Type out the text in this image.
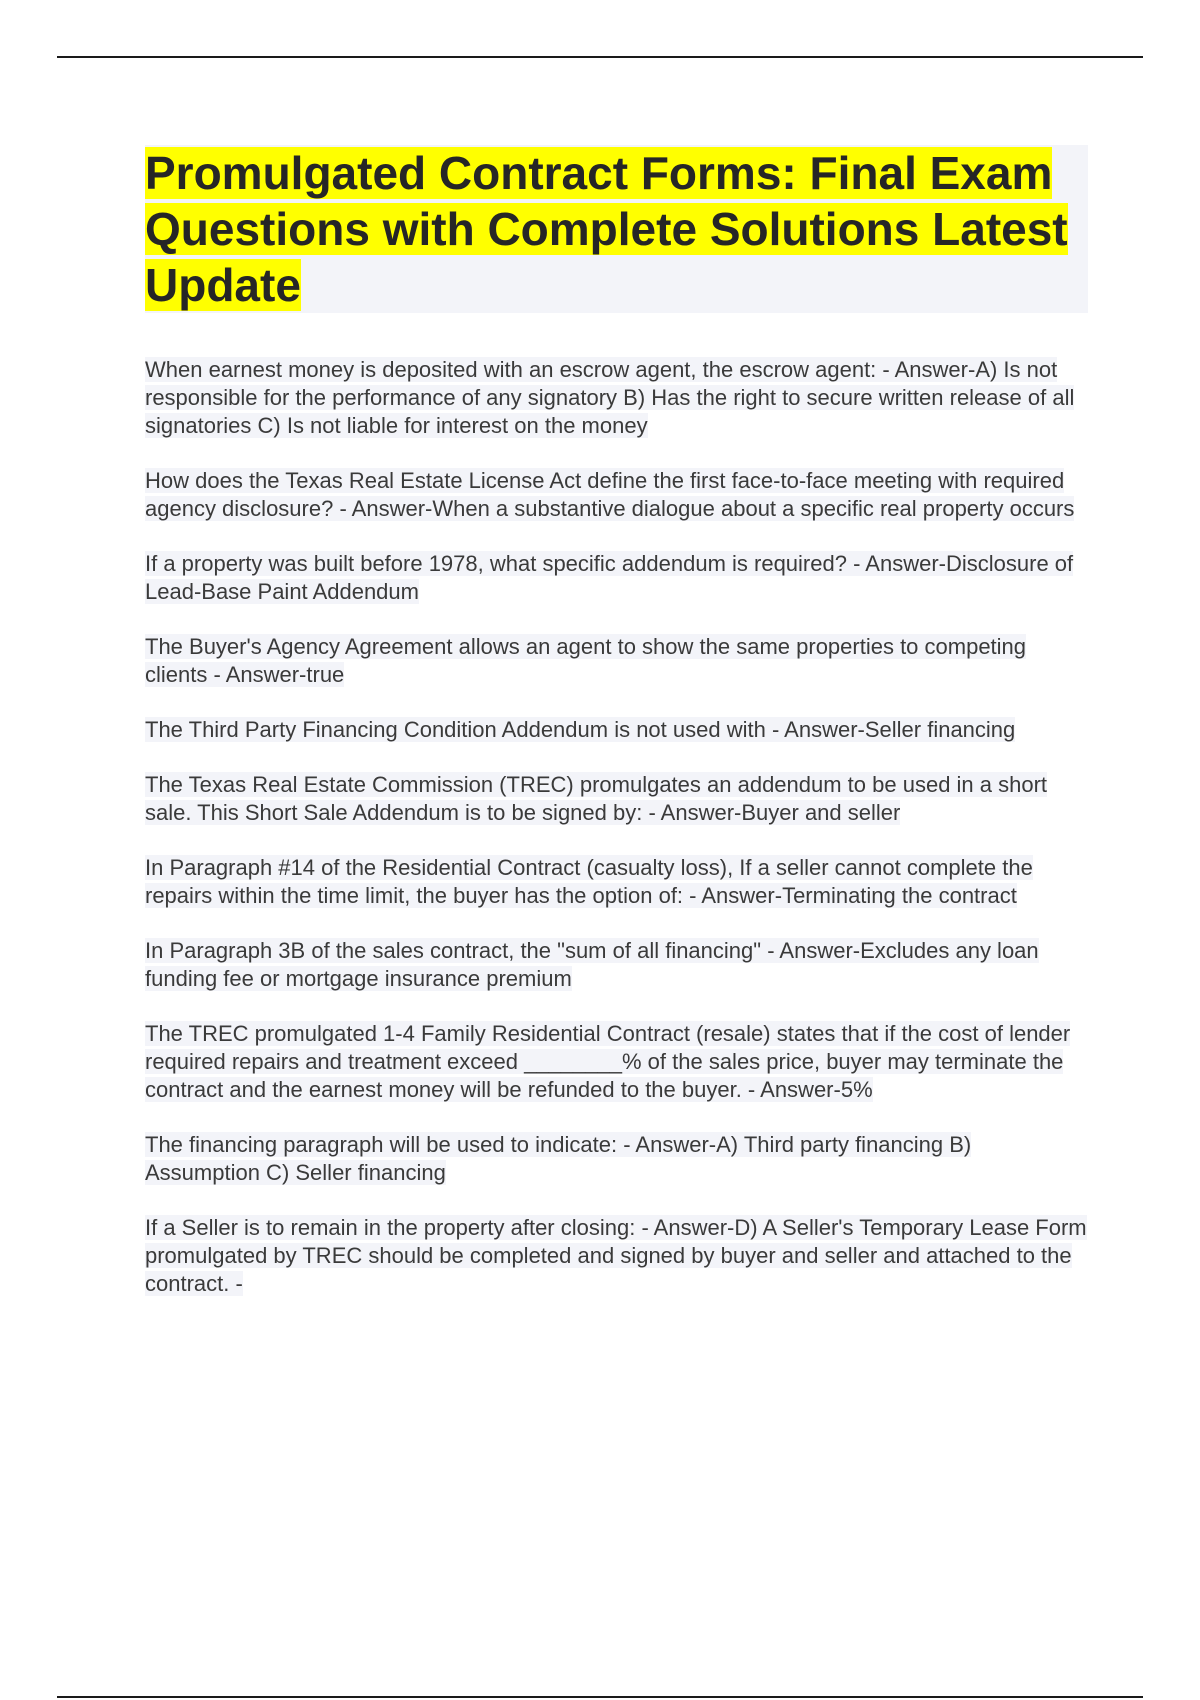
Promulgated Contract Forms: Final Exam Questions with Complete Solutions Latest Update

When earnest money is deposited with an escrow agent, the escrow agent: - Answer-A) Is not responsible for the performance of any signatory B) Has the right to secure written release of all signatories C) Is not liable for interest on the money

How does the Texas Real Estate License Act define the first face-to-face meeting with required agency disclosure? - Answer-When a substantive dialogue about a specific real property occurs

If a property was built before 1978, what specific addendum is required? - Answer-Disclosure of Lead-Base Paint Addendum

The Buyer's Agency Agreement allows an agent to show the same properties to competing clients - Answer-true

The Third Party Financing Condition Addendum is not used with - Answer-Seller financing

The Texas Real Estate Commission (TREC) promulgates an addendum to be used in a short sale. This Short Sale Addendum is to be signed by: - Answer-Buyer and seller

In Paragraph #14 of the Residential Contract (casualty loss), If a seller cannot complete the repairs within the time limit, the buyer has the option of: - Answer-Terminating the contract

In Paragraph 3B of the sales contract, the "sum of all financing" - Answer-Excludes any loan funding fee or mortgage insurance premium

The TREC promulgated 1-4 Family Residential Contract (resale) states that if the cost of lender required repairs and treatment exceed ________% of the sales price, buyer may terminate the contract and the earnest money will be refunded to the buyer. - Answer-5%

The financing paragraph will be used to indicate: - Answer-A) Third party financing B) Assumption C) Seller financing

If a Seller is to remain in the property after closing: - Answer-D) A Seller's Temporary Lease Form promulgated by TREC should be completed and signed by buyer and seller and attached to the contract. -
